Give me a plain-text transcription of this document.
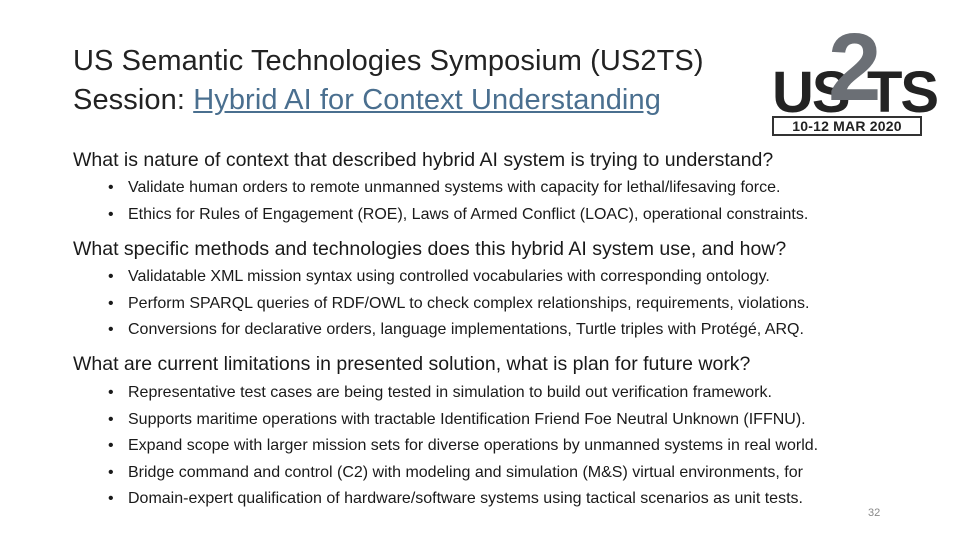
US Semantic Technologies Symposium (US2TS)
Session: Hybrid AI for Context Understanding	US
2
TS
10-12 MAR 2020
What is nature of context that described hybrid AI system is trying to understand?
• Validate human orders to remote unmanned systems with capacity for lethal/lifesaving force.
• Ethics for Rules of Engagement (ROE), Laws of Armed Conflict (LOAC), operational constraints.
What specific methods and technologies does this hybrid AI system use, and how?
• Validatable XML mission syntax using controlled vocabularies with corresponding ontology.
• Perform SPARQL queries of RDF/OWL to check complex relationships, requirements, violations.
• Conversions for declarative orders, language implementations, Turtle triples with Protégé, ARQ.
What are current limitations in presented solution, what is plan for future work?
• Representative test cases are being tested in simulation to build out verification framework.
• Supports maritime operations with tractable Identification Friend Foe Neutral Unknown (IFFNU).
• Expand scope with larger mission sets for diverse operations by unmanned systems in real world.
• Bridge command and control (C2) with modeling and simulation (M&S) virtual environments, for
• Domain-expert qualification of hardware/software systems using tactical scenarios as unit tests.
32
